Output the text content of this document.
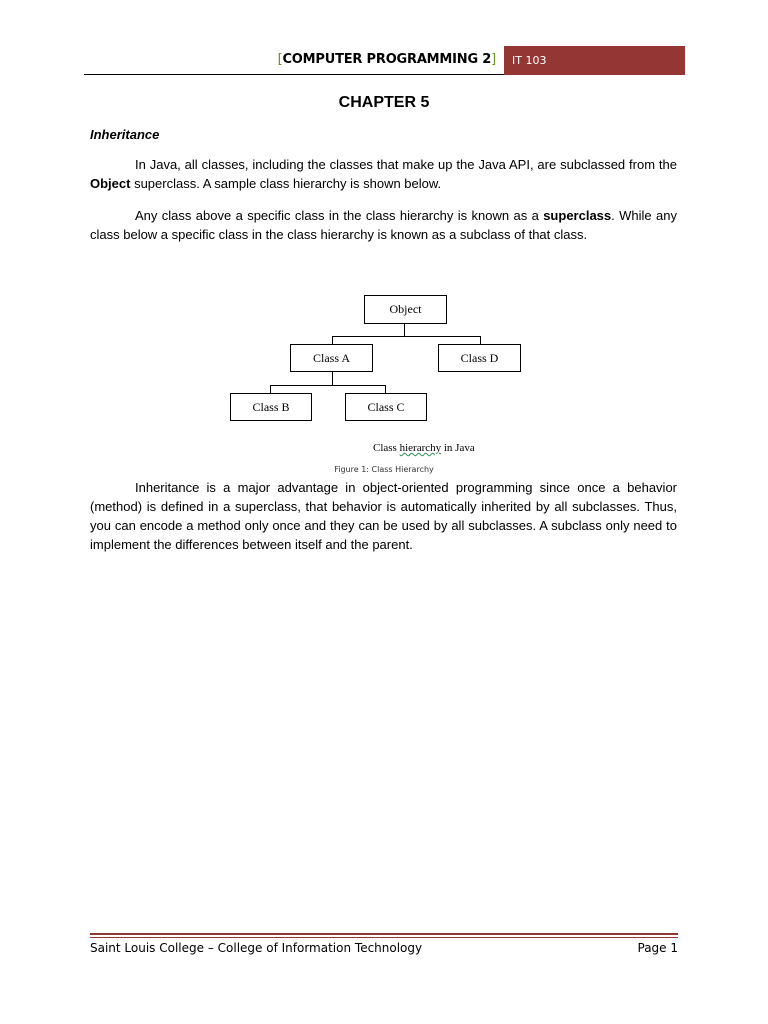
[COMPUTER PROGRAMMING 2]	IT 103
CHAPTER 5
Inheritance

In Java, all classes, including the classes that make up the Java API, are subclassed from the Object superclass. A sample class hierarchy is shown below.

Any class above a specific class in the class hierarchy is known as a superclass. While any class below a specific class in the class hierarchy is known as a subclass of that class.

Object
Class A	Class D
Class B	Class C
Class hierarchy in Java
Figure 1: Class Hierarchy

Inheritance is a major advantage in object-oriented programming since once a behavior (method) is defined in a superclass, that behavior is automatically inherited by all subclasses. Thus, you can encode a method only once and they can be used by all subclasses. A subclass only need to implement the differences between itself and the parent.

Saint Louis College – College of Information Technology	Page 1
